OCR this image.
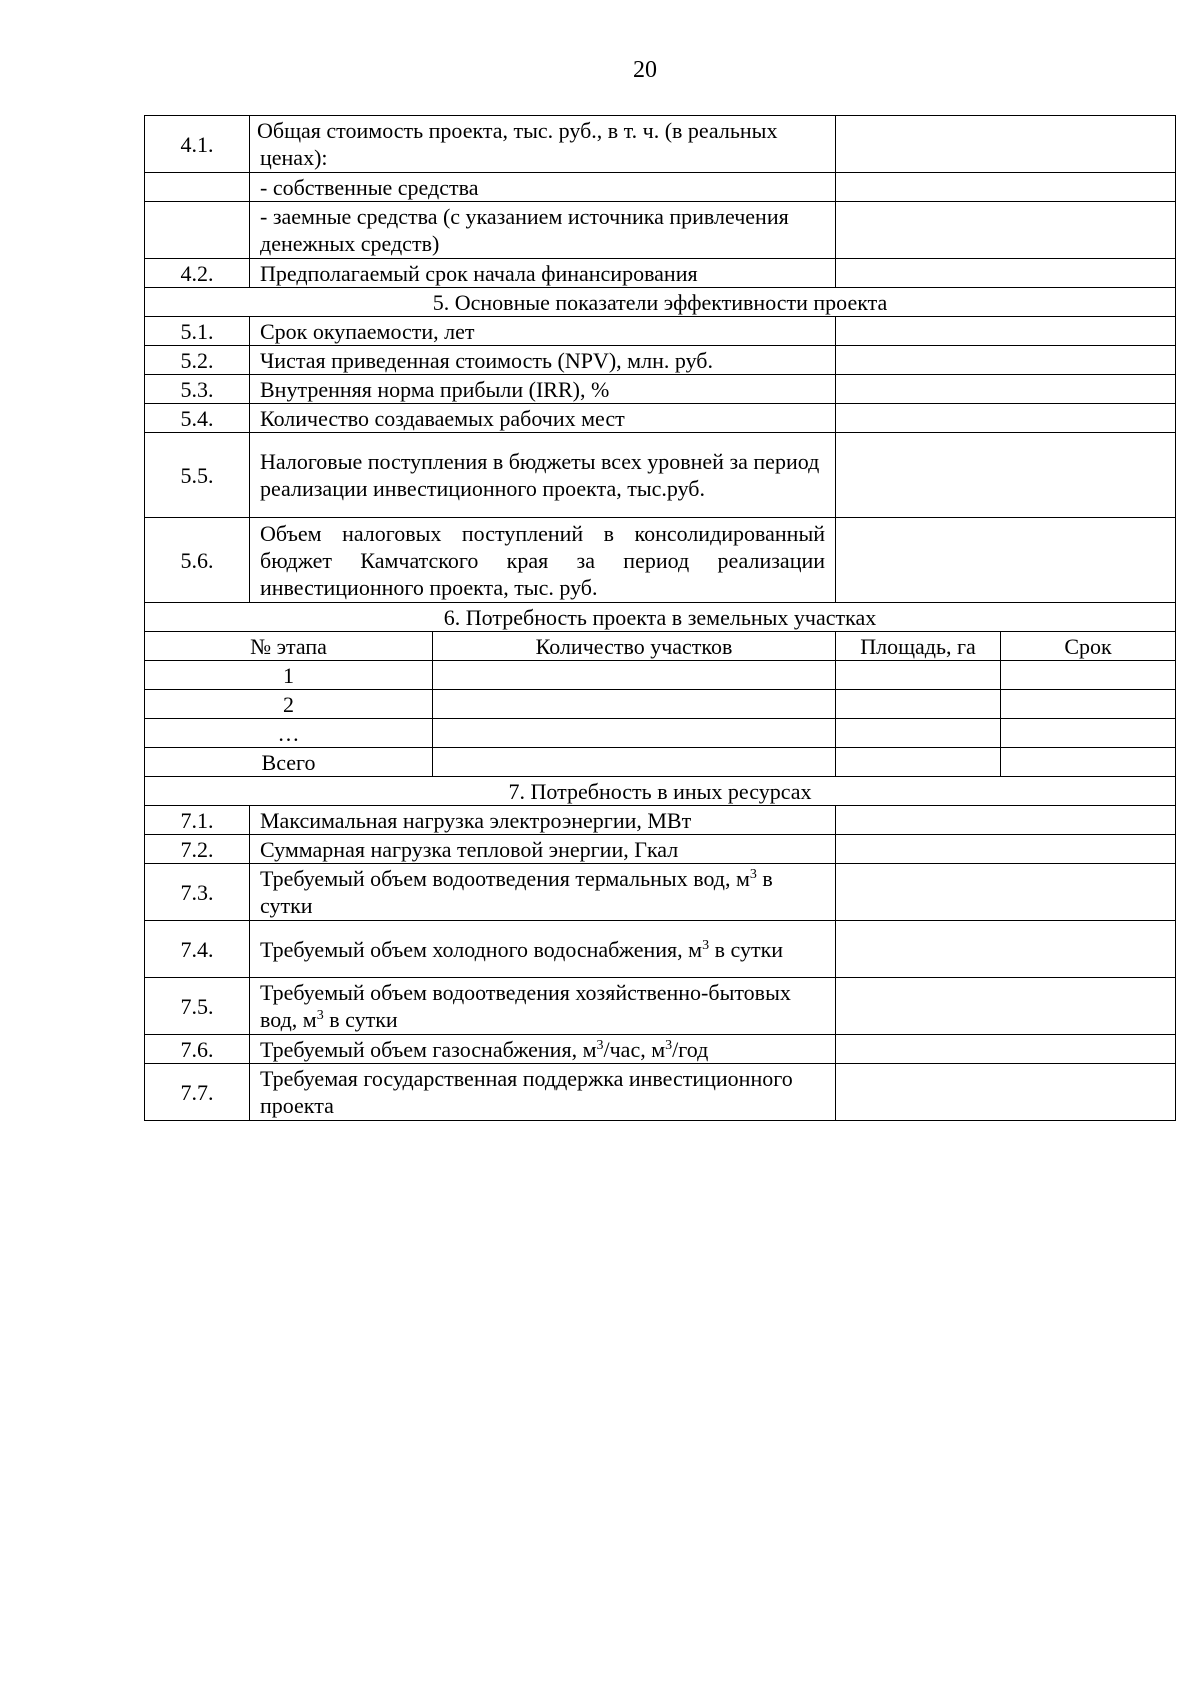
20
4.1.	Общая стоимость проекта, тыс. руб., в т. ч. (в реальных ценах):			
	- собственные средства			
	- заемные средства (с указанием источника привлечения денежных средств)			
4.2.	Предполагаемый срок начала финансирования			
5. Основные показатели эффективности проекта				
5.1.	Срок окупаемости, лет			
5.2.	Чистая приведенная стоимость (NPV), млн. руб.			
5.3.	Внутренняя норма прибыли (IRR), %			
5.4.	Количество создаваемых рабочих мест			
5.5.	Налоговые поступления в бюджеты всех уровней за период реализации инвестиционного проекта, тыс.руб.			
5.6.	Объем налоговых поступлений в консолидированный бюджет Камчатского края за период реализации инвестиционного проекта, тыс. руб.			
6. Потребность проекта в земельных участках				
№ этапа		Количество участков	Площадь, га	Срок
1				
2				
…				
Всего				
7. Потребность в иных ресурсах				
7.1.	Максимальная нагрузка электроэнергии, МВт			
7.2.	Суммарная нагрузка тепловой энергии, Гкал			
7.3.	Требуемый объем водоотведения термальных вод, $м^3$ в сутки			
7.4.	Требуемый объем холодного водоснабжения, $м^3$ в сутки			
7.5.	Требуемый объем водоотведения хозяйственно-бытовых вод, $м^3$ в сутки			
7.6.	Требуемый объем газоснабжения, $м^3$/час, $м^3$/год			
7.7.	Требуемая государственная поддержка инвестиционного проекта			
